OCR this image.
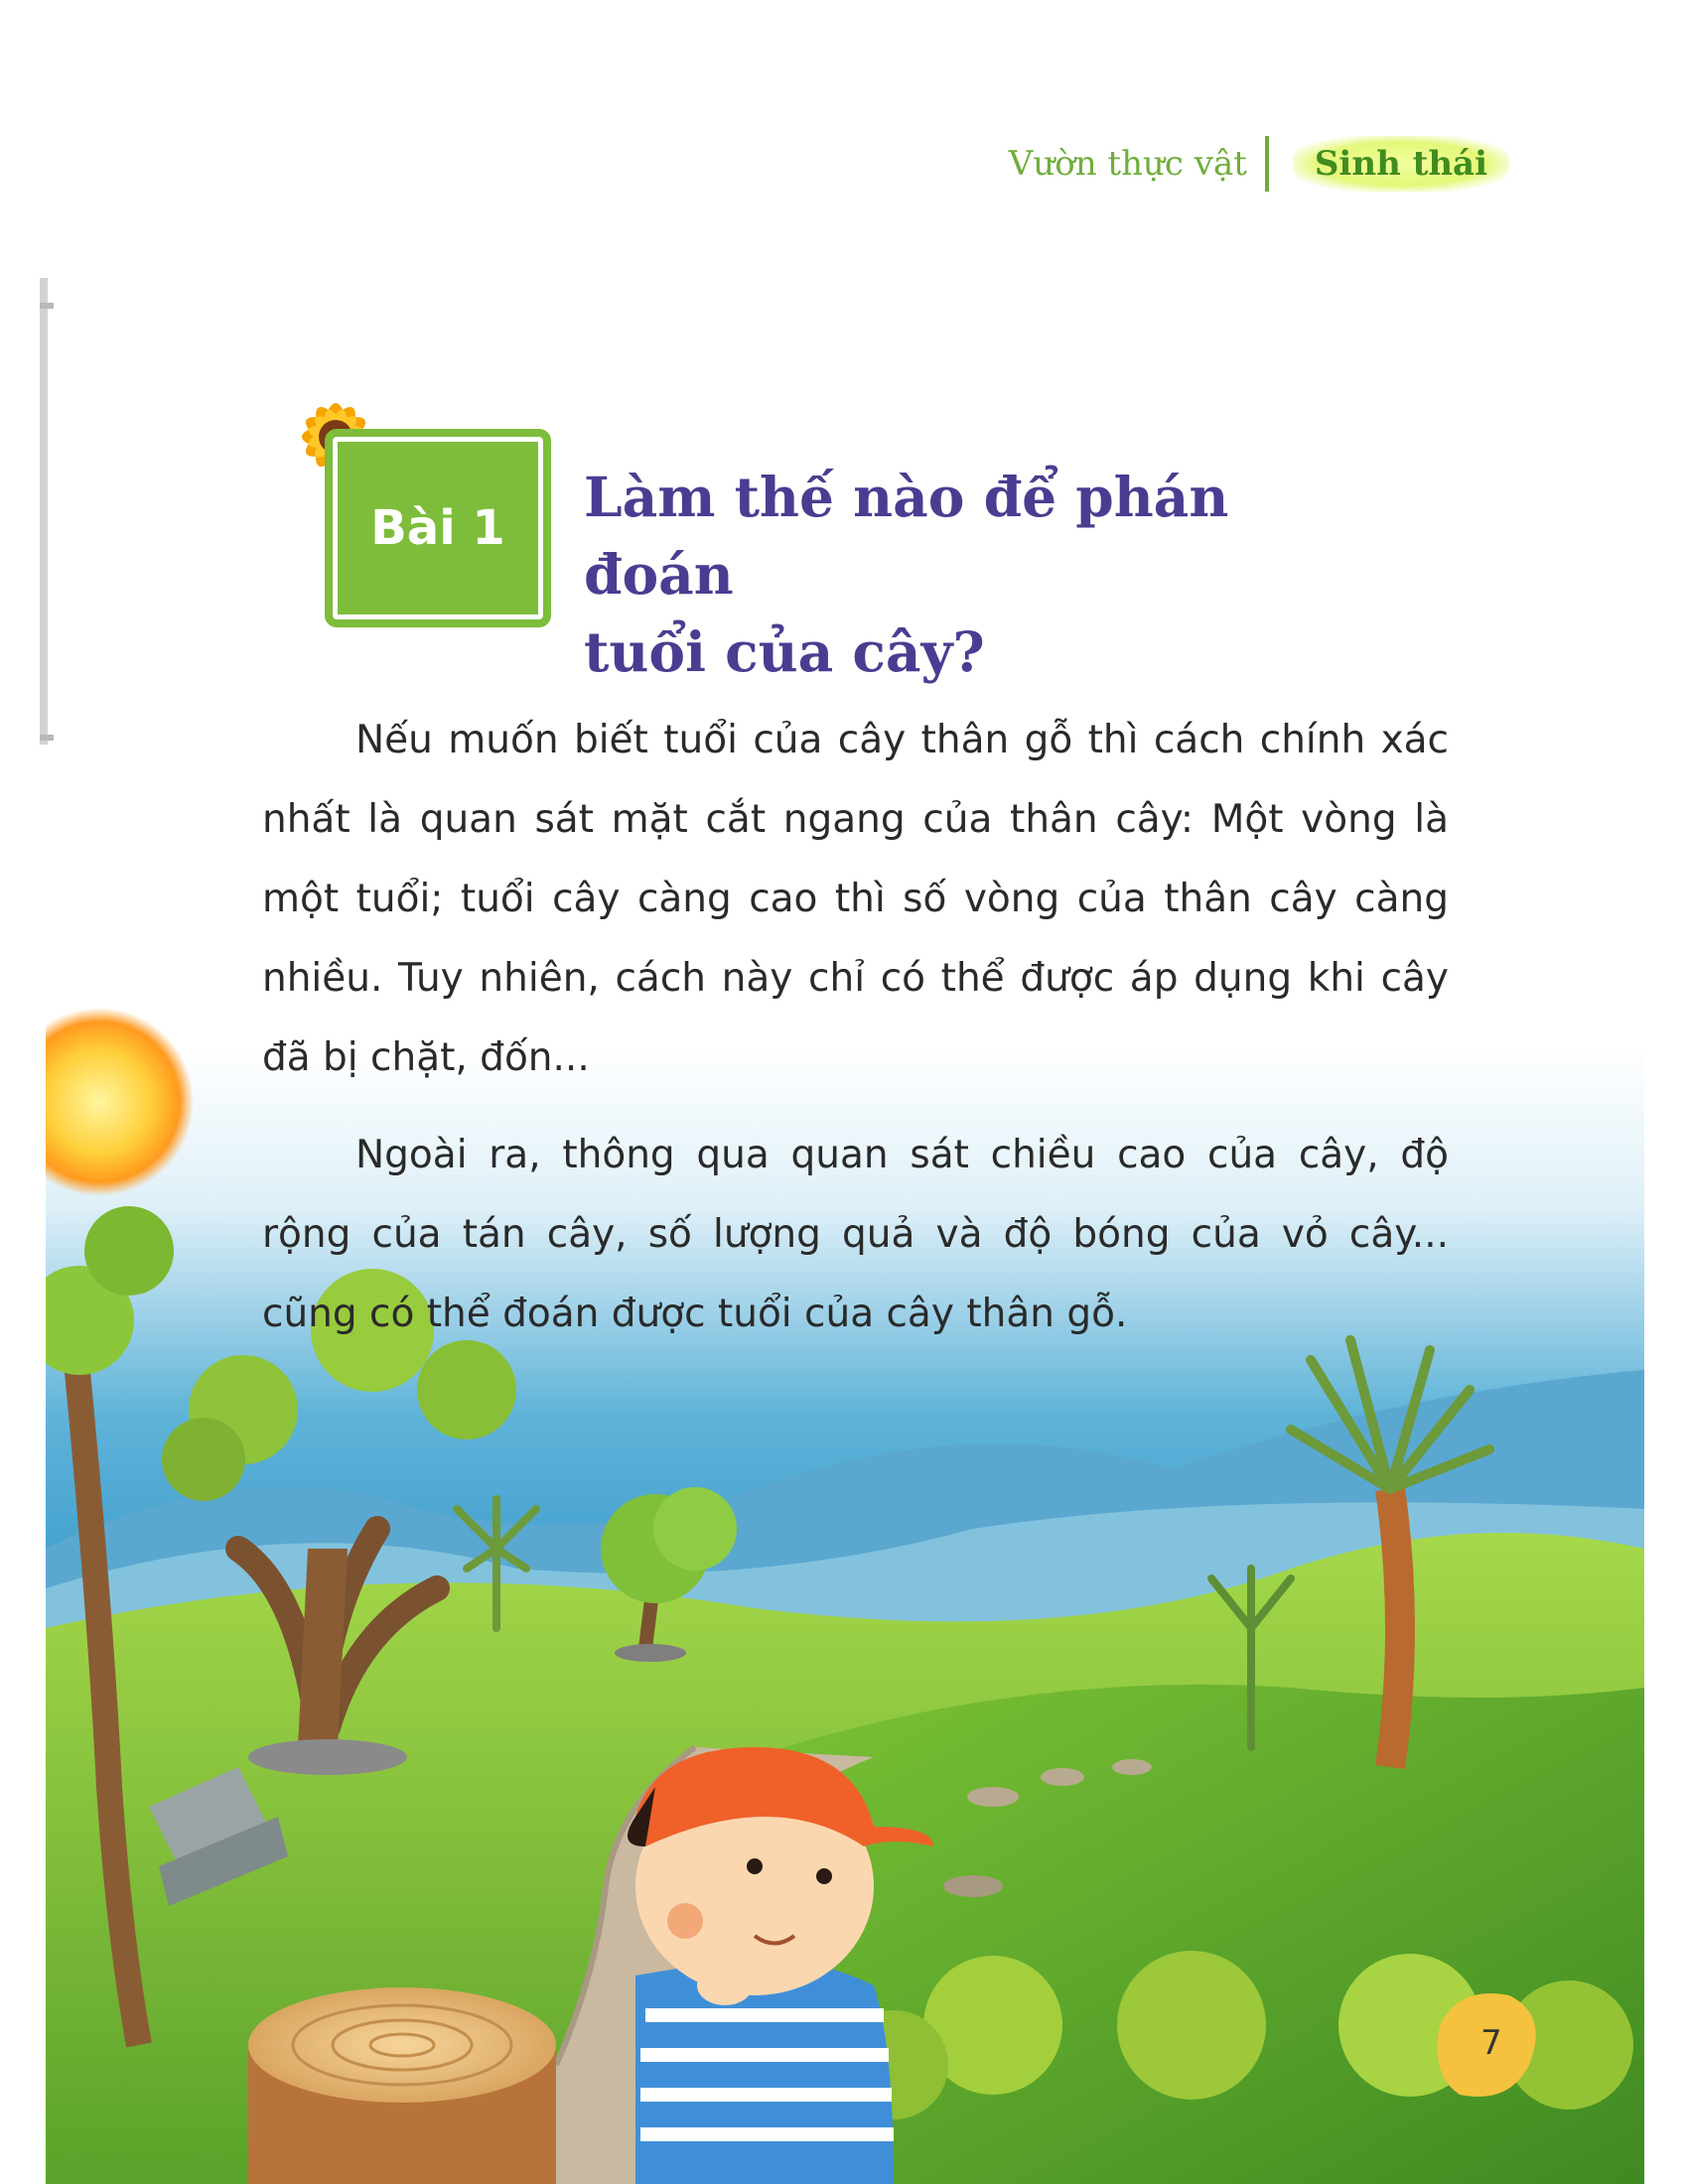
Vườn thực vật	Sinh thái
Bài 1 Làm thế nào để phán đoán
tuổi của cây?

Nếu muốn biết tuổi của cây thân gỗ thì cách chính xác nhất là quan sát mặt cắt ngang của thân cây: Một vòng là một tuổi; tuổi cây càng cao thì số vòng của thân cây càng nhiều. Tuy nhiên, cách này chỉ có thể được áp dụng khi cây đã bị chặt, đốn...

Ngoài ra, thông qua quan sát chiều cao của cây, độ rộng của tán cây, số lượng quả và độ bóng của vỏ cây... cũng có thể đoán được tuổi của cây thân gỗ.

7
